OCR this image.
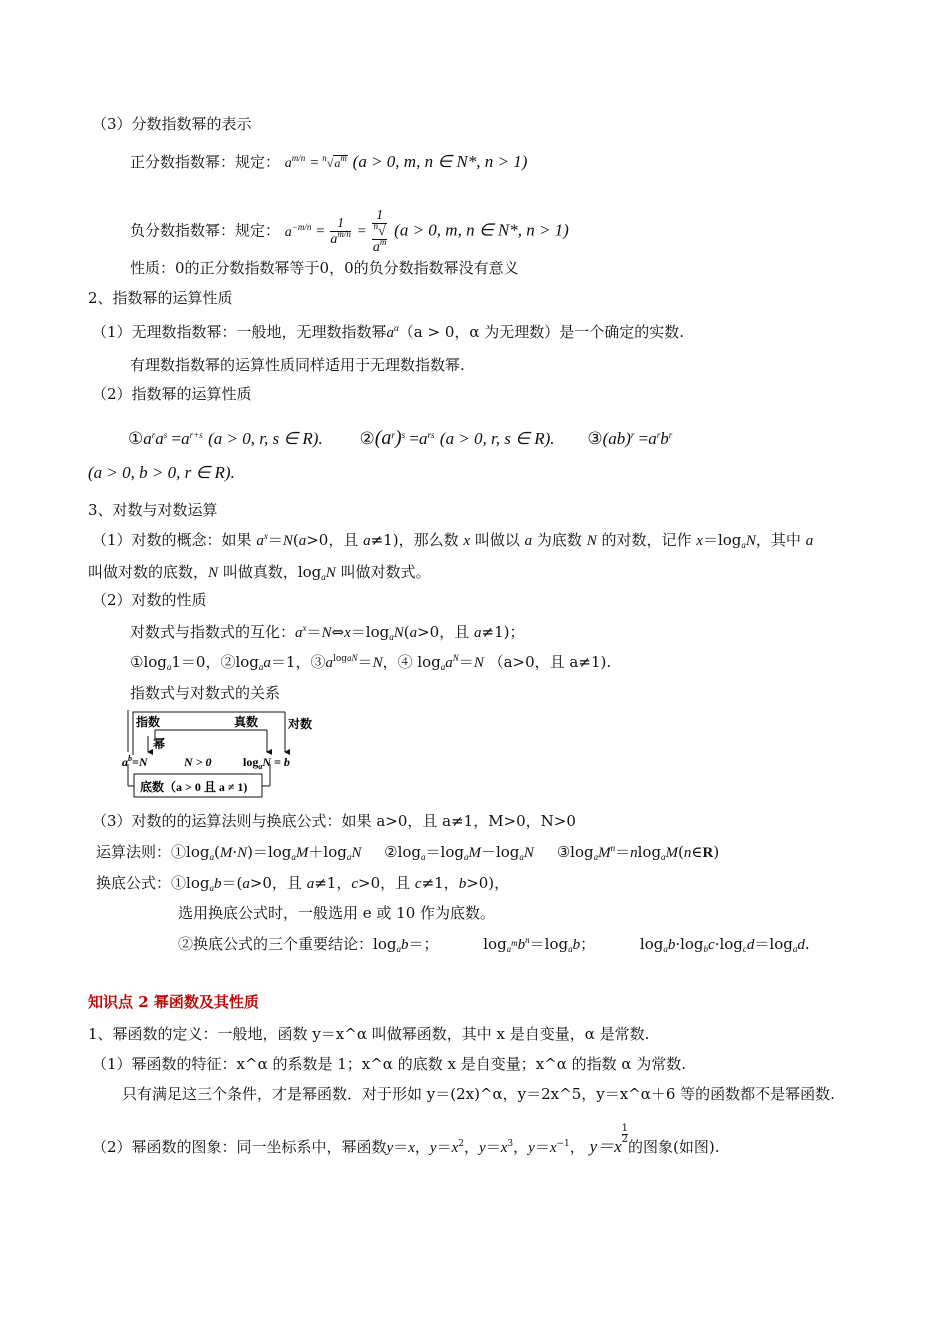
（3）分数指数幂的表示
正分数指数幂：规定： $a^{m/n} = ^n√a^m$ (a > 0, m, n ∈ N*, n > 1)
负分数指数幂：规定： $a^{-m/n} = \frac{1}{a^{m/n}} = 1$
$^n$√
$a^m$ (a > 0, m, n ∈ N*, n > 1)
性质：0的正分数指数幂等于0，0的负分数指数幂没有意义
2、指数幂的运算性质
（1）无理数指数幂：一般地，无理数指数幂$a^\alpha(a > 0$，α 为无理数）是一个确定的实数.
有理数指数幂的运算性质同样适用于无理数指数幂.
（2）指数幂的运算性质
$①a^ra^s =a^{r+s}$ (a > 0, r, s ∈ R). $②(a^r)^s =a^{rs}$ (a > 0, r, s ∈ R). ③(ab)$^r$ $=a^rb^r$
(a > 0, b > 0, r ∈ R).
3、对数与对数运算
（1）对数的概念：如果 $a^x=N(a>0$，且 a≠1)，那么数 x 叫做以 a 为底数 N 的对数，记作 $x=\log_aN$，其中 a
叫做对数的底数，N 叫做真数，$\log_aN$ 叫做对数式。
（2）对数的性质
对数式与指数式的互化：$a^x=N\Leftrightarrow x=\log_aN(a>0$，且 a≠1)；
$①\log_a1=0$，$②\log_aa=1$，$③a^{logaN}=N$，④ $\log_aa^N=N$ （a>0，且 a≠1).
指数式与对数式的关系
指数	真数 对数
幂
$a^b=N$	N > 0	$\log_aN = b$
底数（a > 0 且 a ≠ 1)
（3）对数的的运算法则与换底公式：如果 a>0，且 a≠1，M>0，N>0
运算法则：$①\log_a(M\cdot N)=\log_aM+\log_aN$ $②\log_a=\log_aM-\log_aN$ $③\log_aM^n=nlog_aM(n\in R)$
换底公式：$①\log_ab=(a>0$，且 a≠1，c>0，且 c≠1，b>0)，
选用换底公式时，一般选用 e 或 10 作为底数。
②换底公式的三个重要结论：$\log_ab=$；	$\log_{a^m}b^n=\log_ab$；	$\log_ab\cdot\log_bc\cdot\log_cd=\log_ad$.
知识点 2 幂函数及其性质
1、幂函数的定义：一般地，函数 y＝x^α 叫做幂函数，其中 x 是自变量，α 是常数.
（1）幂函数的特征：x^α 的系数是 1；x^α 的底数 x 是自变量；x^α 的指数 α 为常数.
只有满足这三个条件，才是幂函数．对于形如 y＝(2x)^α，y＝2x^5，y＝x^α＋6 等的函数都不是幂函数.
（2）幂函数的图象：同一坐标系中，幂函数y＝x，$y=x^2$，$y=x^3$，$y=x^{-1}$， y＝x
$\frac{1}{2}$
的图象(如图).
